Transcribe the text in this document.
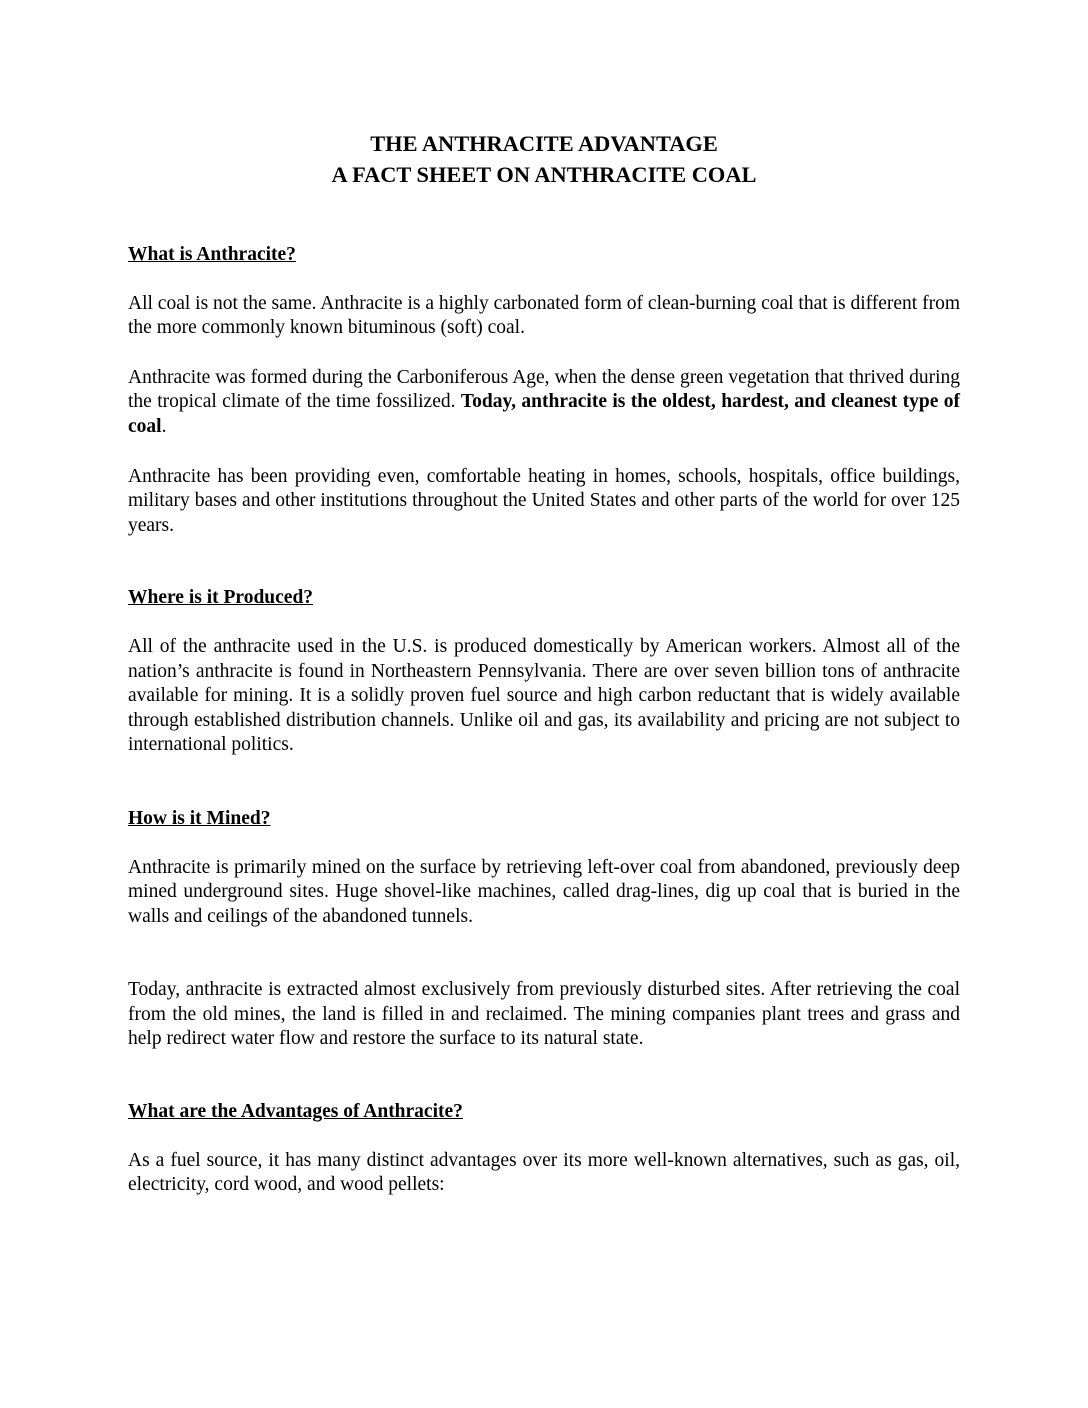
THE ANTHRACITE ADVANTAGE

A FACT SHEET ON ANTHRACITE COAL

What is Anthracite?

All coal is not the same. Anthracite is a highly carbonated form of clean-burning coal that is different from the more commonly known bituminous (soft) coal.

Anthracite was formed during the Carboniferous Age, when the dense green vegetation that thrived during the tropical climate of the time fossilized. Today, anthracite is the oldest, hardest, and cleanest type of coal.

Anthracite has been providing even, comfortable heating in homes, schools, hospitals, office buildings, military bases and other institutions throughout the United States and other parts of the world for over 125 years.

Where is it Produced?

All of the anthracite used in the U.S. is produced domestically by American workers. Almost all of the nation’s anthracite is found in Northeastern Pennsylvania. There are over seven billion tons of anthracite available for mining. It is a solidly proven fuel source and high carbon reductant that is widely available through established distribution channels. Unlike oil and gas, its availability and pricing are not subject to international politics.

How is it Mined?

Anthracite is primarily mined on the surface by retrieving left-over coal from abandoned, previously deep mined underground sites. Huge shovel-like machines, called drag-lines, dig up coal that is buried in the walls and ceilings of the abandoned tunnels.

Today, anthracite is extracted almost exclusively from previously disturbed sites. After retrieving the coal from the old mines, the land is filled in and reclaimed. The mining companies plant trees and grass and help redirect water flow and restore the surface to its natural state.

What are the Advantages of Anthracite?

As a fuel source, it has many distinct advantages over its more well-known alternatives, such as gas, oil, electricity, cord wood, and wood pellets:
